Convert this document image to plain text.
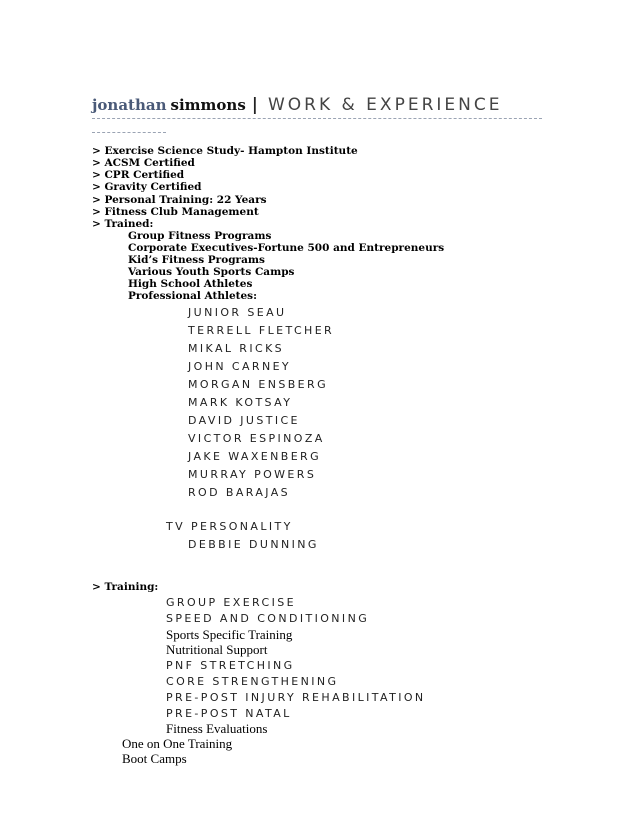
jonathan simmons | WORK & EXPERIENCE
> Exercise Science Study- Hampton Institute
> ACSM Certified
> CPR Certified
> Gravity Certified
> Personal Training: 22 Years
> Fitness Club Management
> Trained:
Group Fitness Programs
Corporate Executives-Fortune 500 and Entrepreneurs
Kid’s Fitness Programs
Various Youth Sports Camps
High School Athletes
Professional Athletes:
JUNIOR SEAU
TERRELL FLETCHER
MIKAL RICKS
JOHN CARNEY
MORGAN ENSBERG
MARK KOTSAY
DAVID JUSTICE
VICTOR ESPINOZA
JAKE WAXENBERG
MURRAY POWERS
ROD BARAJAS
TV PERSONALITY
DEBBIE DUNNING
> Training:
GROUP EXERCISE
SPEED AND CONDITIONING
Sports Specific Training
Nutritional Support
PNF STRETCHING
CORE STRENGTHENING
PRE-POST INJURY REHABILITATION
PRE-POST NATAL
Fitness Evaluations
One on One Training
Boot Camps
